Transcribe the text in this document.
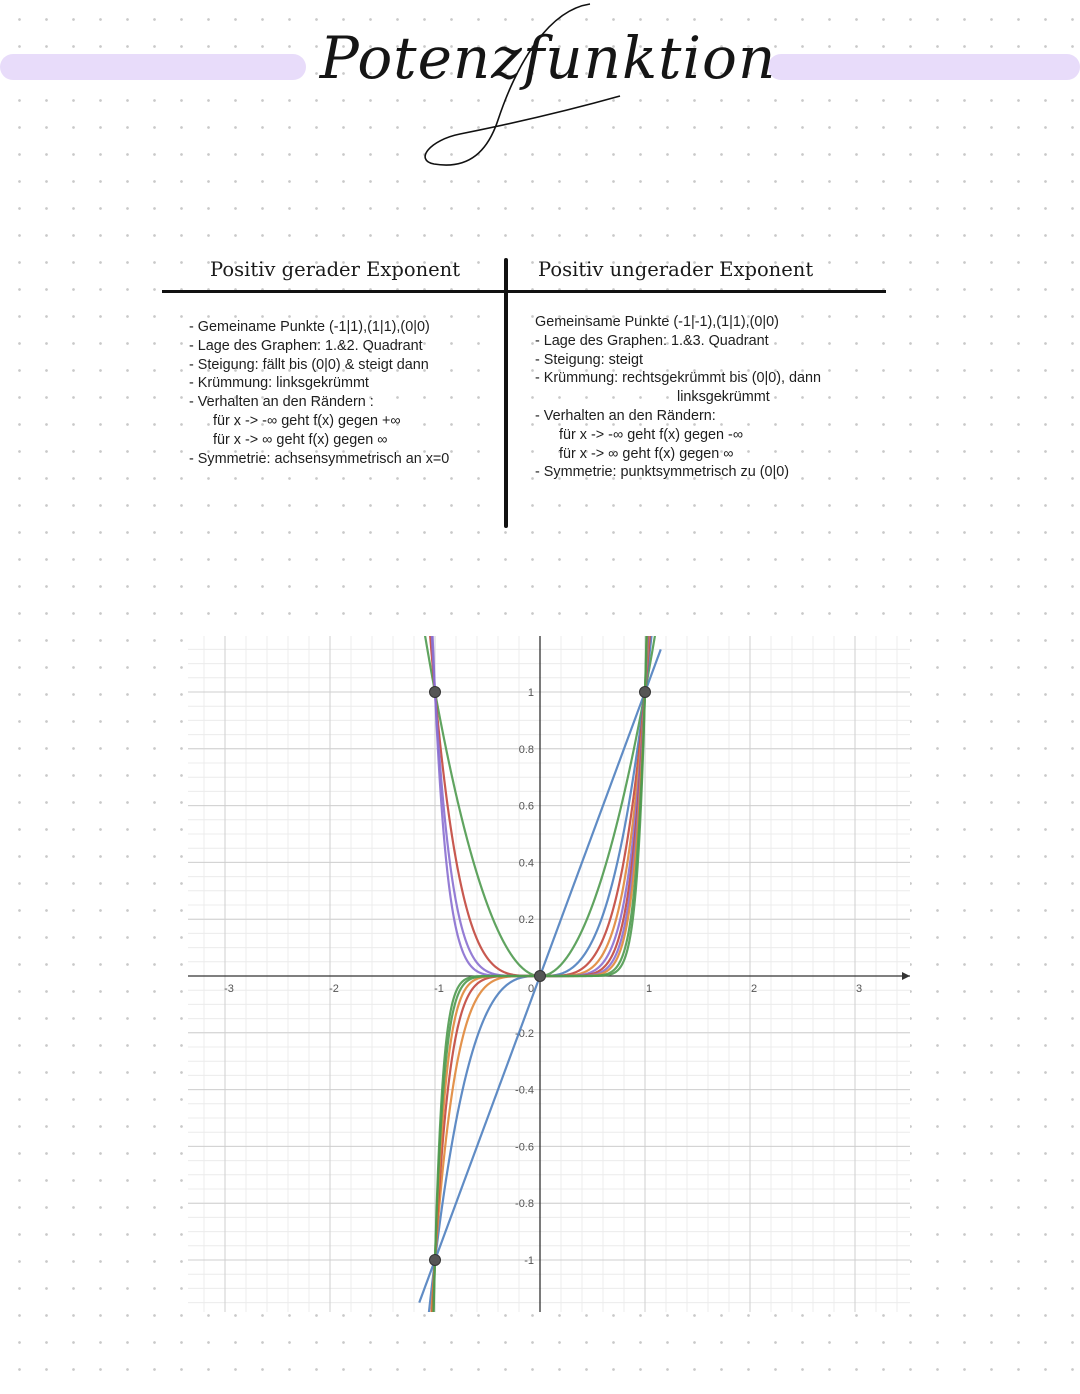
Potenzfunktion
Positiv gerader Exponent	Positiv ungerader Exponent
- Gemeiname Punkte (-1|1),(1|1),(0|0)
- Lage des Graphen: 1.&2. Quadrant
- Steigung: fällt bis (0|0) & steigt dann
- Krümmung: linksgekrümmt
- Verhalten an den Rändern :
für x -> -∞ geht f(x) gegen +∞
für x -> ∞ geht f(x) gegen ∞
- Symmetrie: achsensymmetrisch an x=0
Gemeinsame Punkte (-1|-1),(1|1),(0|0)
- Lage des Graphen: 1.&3. Quadrant
- Steigung: steigt
- Krümmung: rechtsgekrümmt bis (0|0), dann
linksgekrümmt
- Verhalten an den Rändern:
für x -> -∞ geht f(x) gegen -∞
für x -> ∞ geht f(x) gegen ∞
- Symmetrie: punktsymmetrisch zu (0|0)
-3	-2	-1	0	1	2	3
1
0.8
0.6
0.4
0.2
-0.2
-0.4
-0.6
-0.8
-1
